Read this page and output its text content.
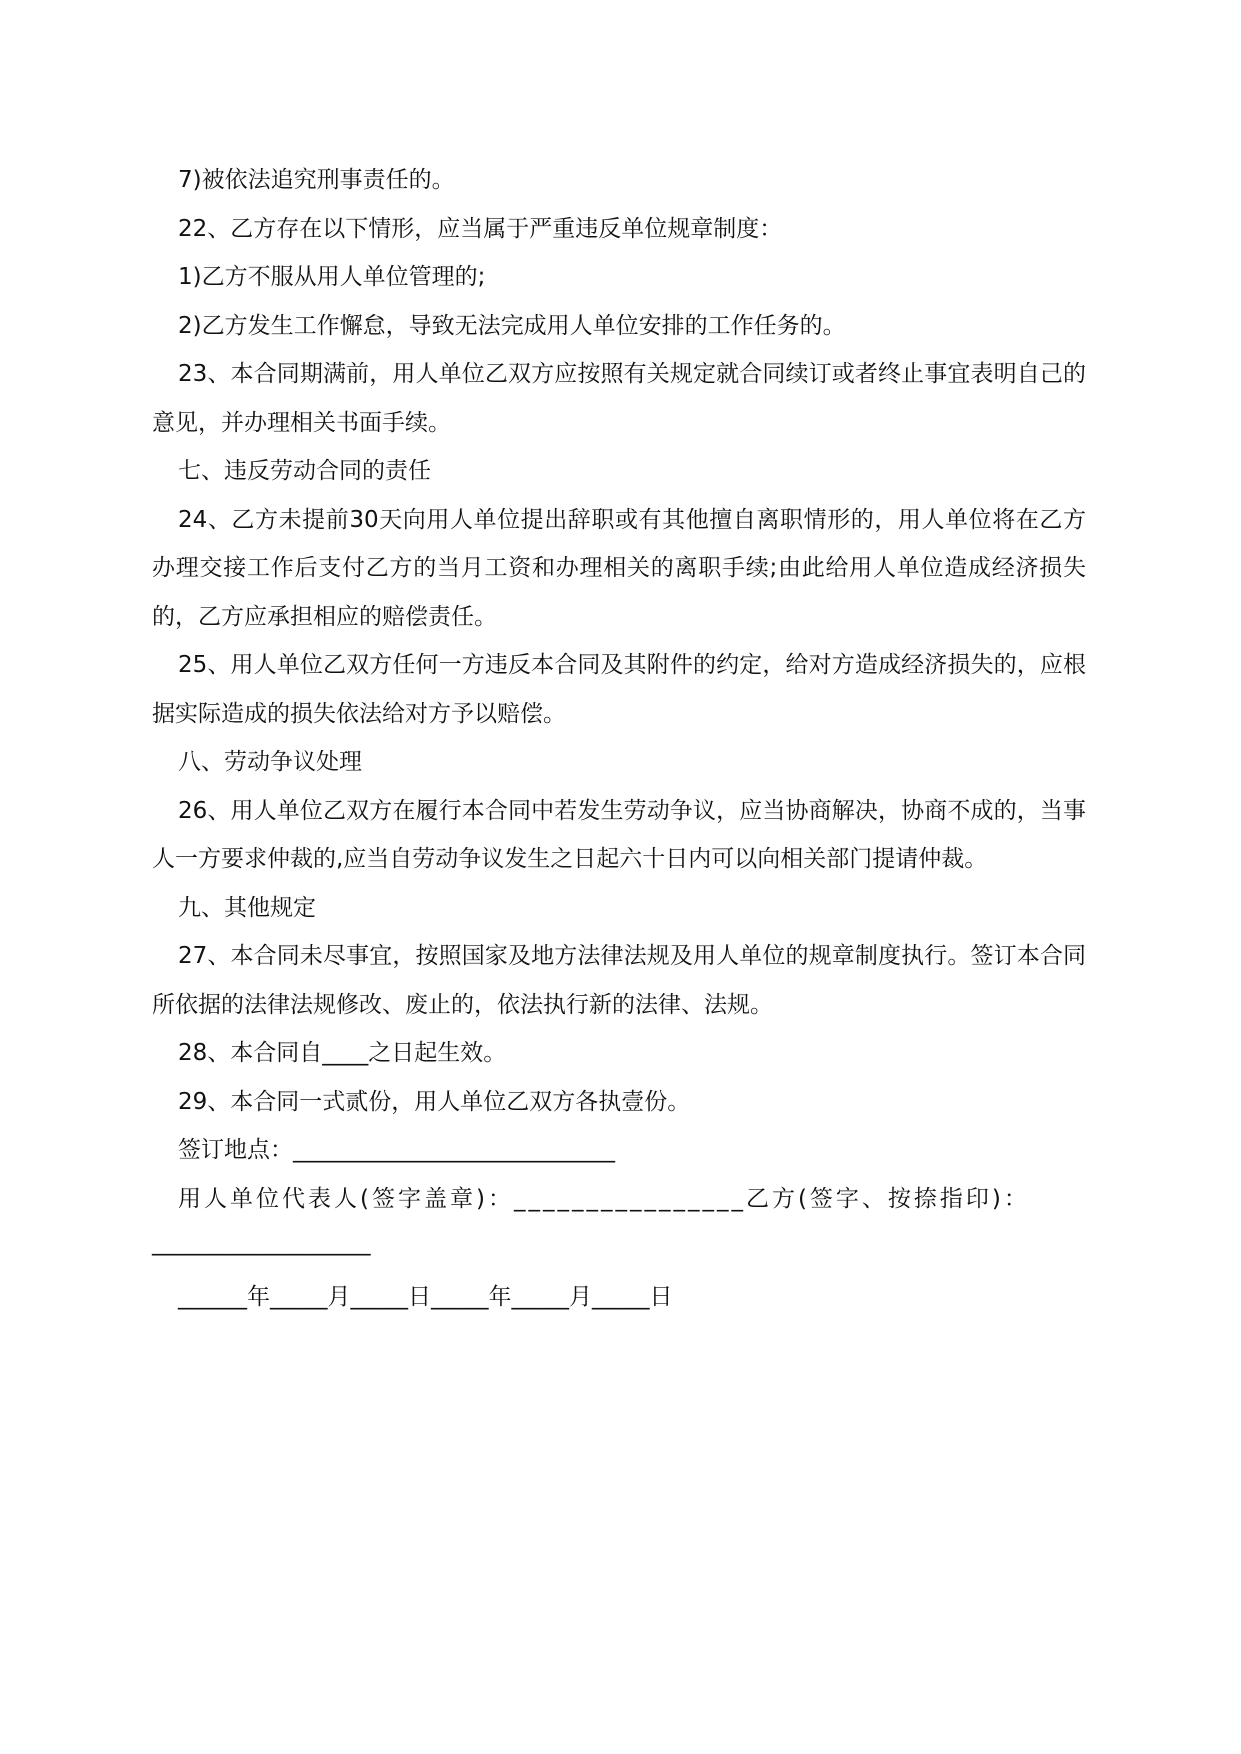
7)被依法追究刑事责任的。

22、乙方存在以下情形，应当属于严重违反单位规章制度：

1)乙方不服从用人单位管理的;

2)乙方发生工作懈怠，导致无法完成用人单位安排的工作任务的。

23、本合同期满前，用人单位乙双方应按照有关规定就合同续订或者终止事宜表明自己的意见，并办理相关书面手续。

七、违反劳动合同的责任

24、乙方未提前30天向用人单位提出辞职或有其他擅自离职情形的，用人单位将在乙方办理交接工作后支付乙方的当月工资和办理相关的离职手续;由此给用人单位造成经济损失的，乙方应承担相应的赔偿责任。

25、用人单位乙双方任何一方违反本合同及其附件的约定，给对方造成经济损失的，应根据实际造成的损失依法给对方予以赔偿。

八、劳动争议处理

26、用人单位乙双方在履行本合同中若发生劳动争议，应当协商解决，协商不成的，当事人一方要求仲裁的,应当自劳动争议发生之日起六十日内可以向相关部门提请仲裁。

九、其他规定

27、本合同未尽事宜，按照国家及地方法律法规及用人单位的规章制度执行。签订本合同所依据的法律法规修改、废止的，依法执行新的法律、法规。

28、本合同自____之日起生效。

29、本合同一式贰份，用人单位乙双方各执壹份。

签订地点：____________________________

用人单位代表人(签字盖章)：________________乙方(签字、按捺指印)：
___________________
______年_____月_____日_____年_____月_____日
